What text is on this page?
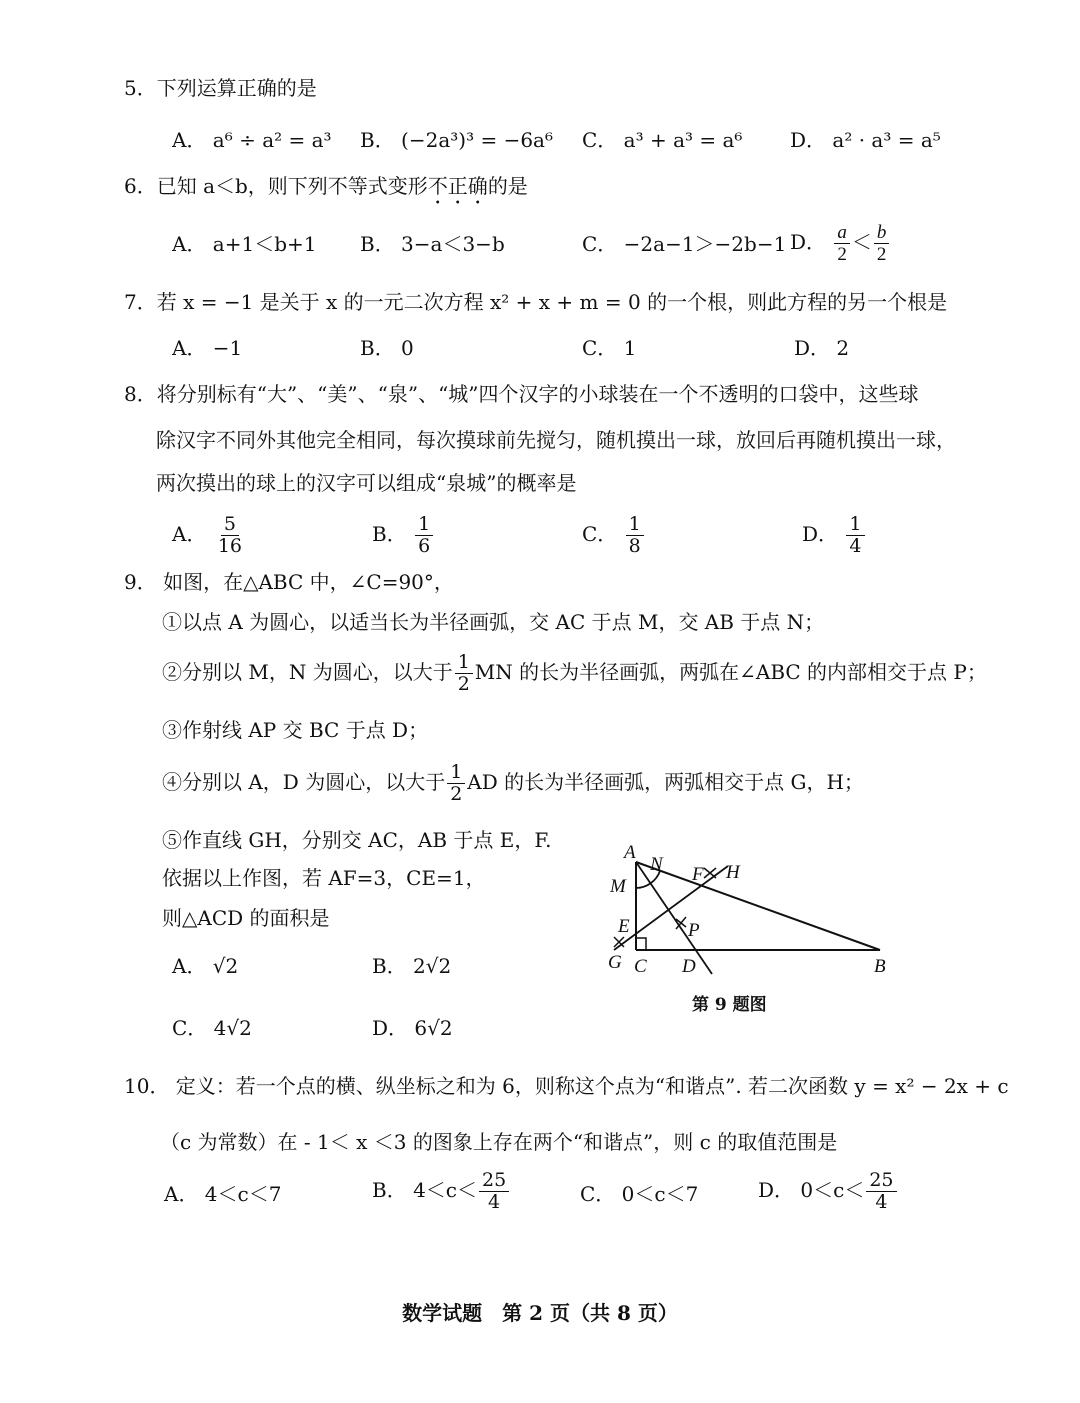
5．下列运算正确的是
A． a⁶ ÷ a² = a³ B． (−2a³)³ = −6a⁶ C． a³ + a³ = a⁶ D． a² · a³ = a⁵
6．已知 a＜b，则下列不等式变形不正确的是
A． a+1＜b+1 B． 3−a＜3−b	C． −2a−1＞−2b−1 D． $\frac{a}{2} < \frac{b}{2}$
7．若 x = −1 是关于 x 的一元二次方程 x² + x + m = 0 的一个根，则此方程的另一个根是
A． −1	B． 0	C． 1	D． 2
8．将分别标有“大”、“美”、“泉”、“城”四个汉字的小球装在一个不透明的口袋中，这些球
除汉字不同外其他完全相同，每次摸球前先搅匀，随机摸出一球，放回后再随机摸出一球，
两次摸出的球上的汉字可以组成“泉城”的概率是
A． $\frac{5}{16}$	B． $\frac{1}{6}$	C． $\frac{1}{8}$	D． $\frac{1}{4}$
9． 如图，在△ABC 中，∠C=90°，
①以点 A 为圆心，以适当长为半径画弧，交 AC 于点 M，交 AB 于点 N；
②分别以 M，N 为圆心，以大于 $\frac{1}{2}$ MN 的长为半径画弧，两弧在∠ABC 的内部相交于点 P；
③作射线 AP 交 BC 于点 D；
④分别以 A，D 为圆心，以大于 $\frac{1}{2}$ AD 的长为半径画弧，两弧相交于点 G，H；
⑤作直线 GH，分别交 AC，AB 于点 E，F.
依据以上作图，若 AF=3，CE=1，
则△ACD 的面积是
A． √2	B． 2√2
C． 4√2	D． 6√2
A
N F H
M
E	P
G C D	B
第 9 题图
10． 定义：若一个点的横、纵坐标之和为 6，则称这个点为“和谐点”. 若二次函数 y = x² − 2x + c
（c 为常数）在 - 1＜ x ＜3 的图象上存在两个“和谐点”，则 c 的取值范围是
A． 4＜c＜7	B． $4<c< \frac{25}{4}$	C． 0＜c＜7	D． $0<c< \frac{25}{4}$
数学试题　第 2 页（共 8 页）
